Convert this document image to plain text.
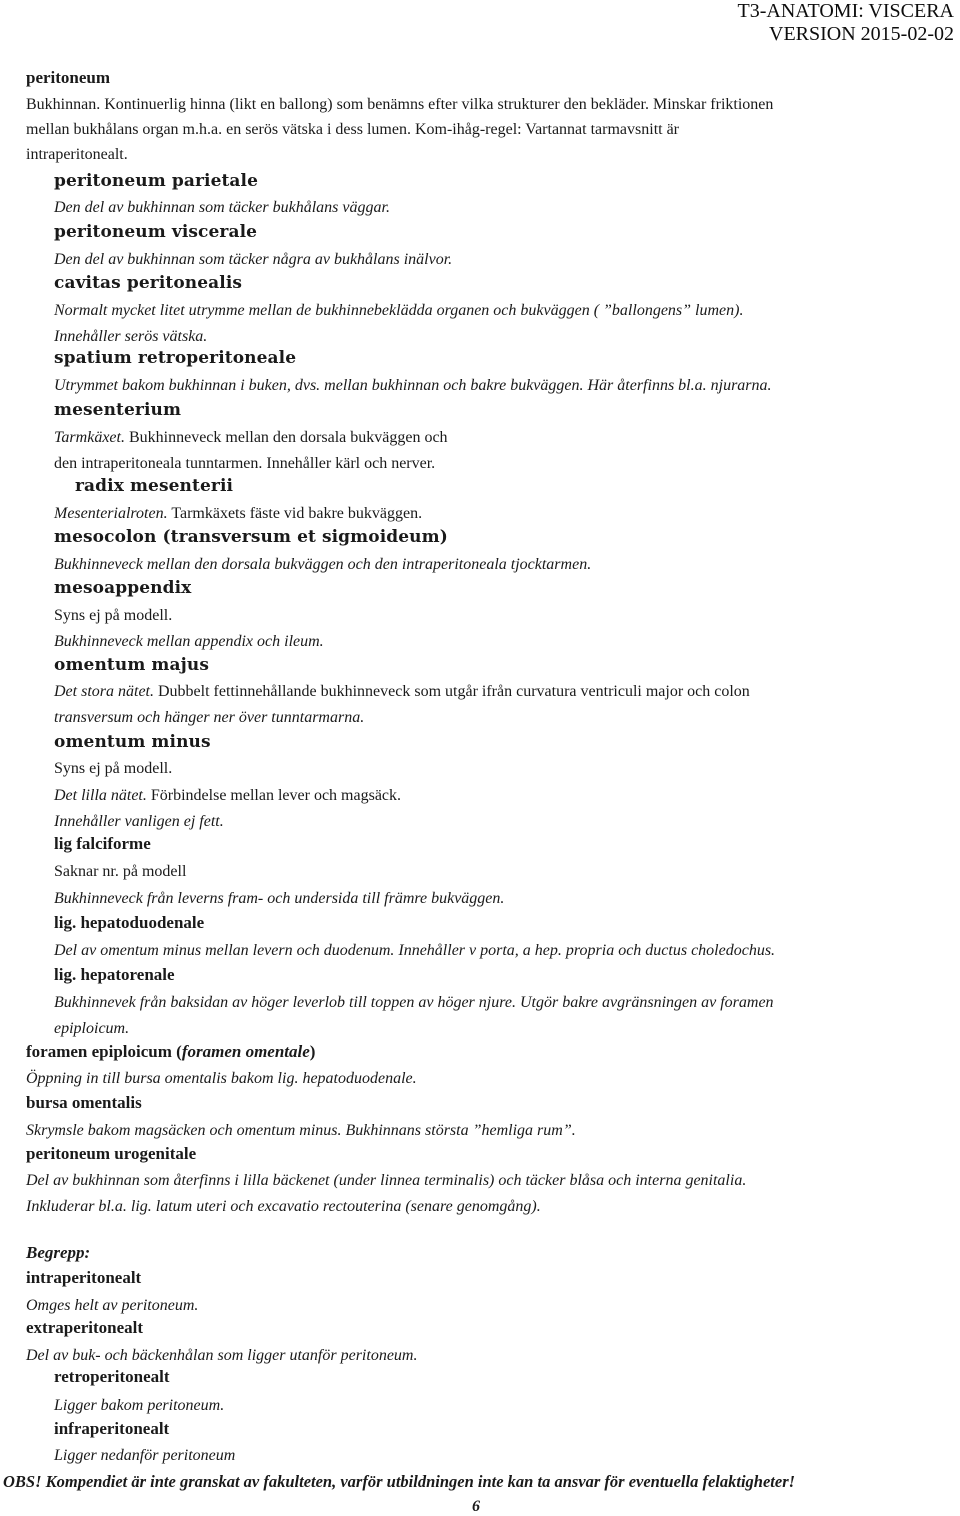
T3-ANATOMI: VISCERA
VERSION 2015-02-02
peritoneum
Bukhinnan. Kontinuerlig hinna (likt en ballong) som benämns efter vilka strukturer den bekläder. Minskar friktionen
mellan bukhålans organ m.h.a. en serös vätska i dess lumen. Kom-ihåg-regel: Vartannat tarmavsnitt är
intraperitonealt.
peritoneum parietale
Den del av bukhinnan som täcker bukhålans väggar.
peritoneum viscerale
Den del av bukhinnan som täcker några av bukhålans inälvor.
cavitas peritonealis
Normalt mycket litet utrymme mellan de bukhinnebeklädda organen och bukväggen ( ”ballongens” lumen).
Innehåller serös vätska.
spatium retroperitoneale
Utrymmet bakom bukhinnan i buken, dvs. mellan bukhinnan och bakre bukväggen. Här återfinns bl.a. njurarna.
mesenterium
Tarmkäxet. Bukhinneveck mellan den dorsala bukväggen och
den intraperitoneala tunntarmen. Innehåller kärl och nerver.
radix mesenterii
Mesenterialroten. Tarmkäxets fäste vid bakre bukväggen.
mesocolon (transversum et sigmoideum)
Bukhinneveck mellan den dorsala bukväggen och den intraperitoneala tjocktarmen.
mesoappendix
Syns ej på modell.
Bukhinneveck mellan appendix och ileum.
omentum majus
Det stora nätet. Dubbelt fettinnehållande bukhinneveck som utgår ifrån curvatura ventriculi major och colon
transversum och hänger ner över tunntarmarna.
omentum minus
Syns ej på modell.
Det lilla nätet. Förbindelse mellan lever och magsäck.
Innehåller vanligen ej fett.
lig falciforme
Saknar nr. på modell
Bukhinneveck från leverns fram- och undersida till främre bukväggen.
lig. hepatoduodenale
Del av omentum minus mellan levern och duodenum. Innehåller v porta, a hep. propria och ductus choledochus.
lig. hepatorenale
Bukhinnevek från baksidan av höger leverlob till toppen av höger njure. Utgör bakre avgränsningen av foramen
epiploicum.
foramen epiploicum (foramen omentale)
Öppning in till bursa omentalis bakom lig. hepatoduodenale.
bursa omentalis
Skrymsle bakom magsäcken och omentum minus. Bukhinnans största ”hemliga rum”.
peritoneum urogenitale
Del av bukhinnan som återfinns i lilla bäckenet (under linnea terminalis) och täcker blåsa och interna genitalia.
Inkluderar bl.a. lig. latum uteri och excavatio rectouterina (senare genomgång).
Begrepp:
intraperitonealt
Omges helt av peritoneum.
extraperitonealt
Del av buk- och bäckenhålan som ligger utanför peritoneum.
retroperitonealt
Ligger bakom peritoneum.
infraperitonealt
Ligger nedanför peritoneum
OBS! Kompendiet är inte granskat av fakulteten, varför utbildningen inte kan ta ansvar för eventuella felaktigheter!
6
